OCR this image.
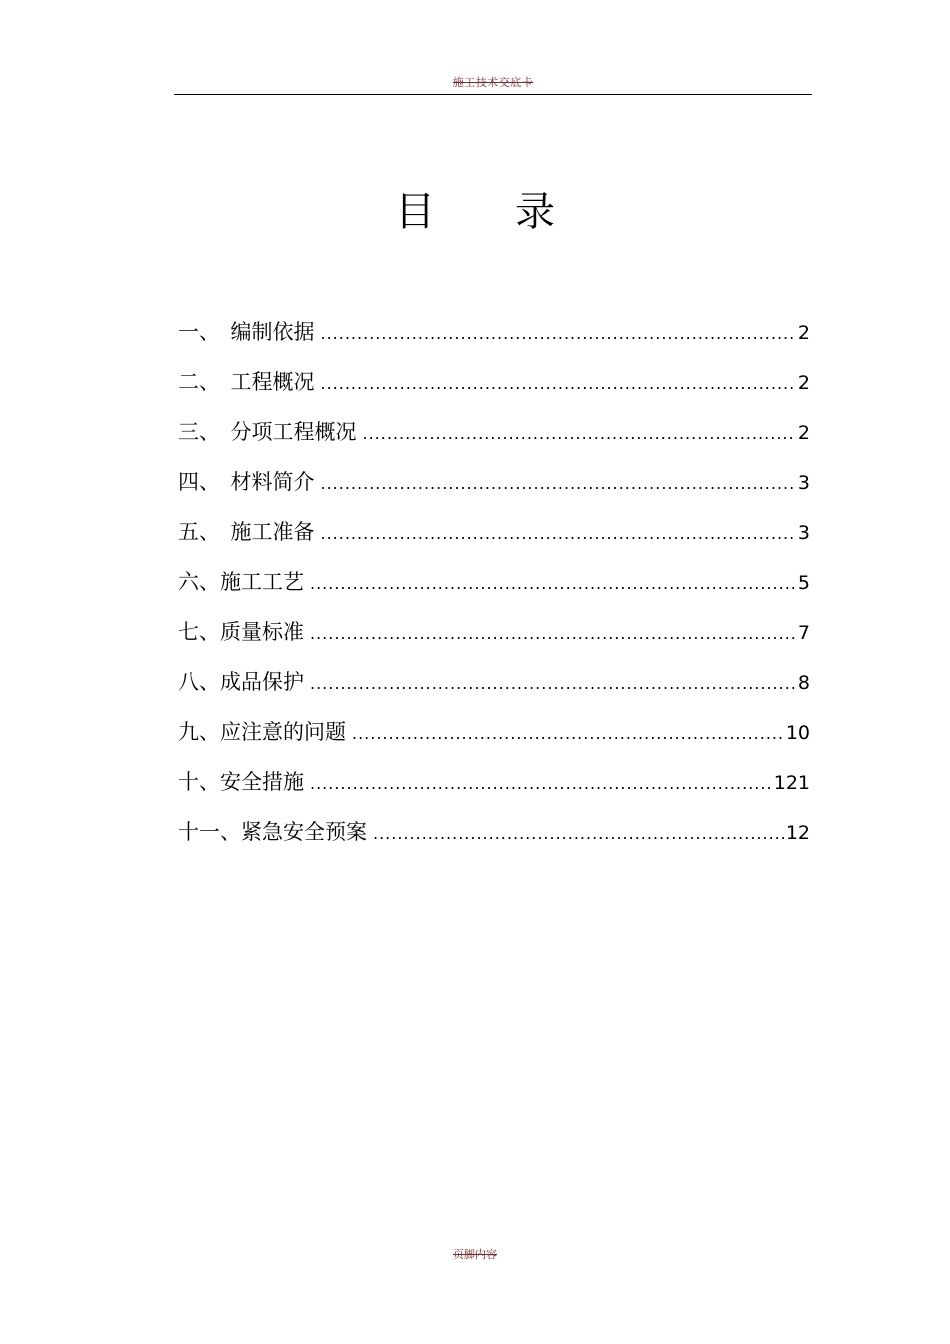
施工技术交底卡
目　　录
一、　 编制依据 .....	2
二、　 工程概况 .....	2
三、　 分项工程概况 .....	2
四、　 材料简介 .....	3
五、　 施工准备 .....	3
六、 施工工艺 .....	5
七、 质量标准 .....	7
八、 成品保护 .....	8
九、 应注意的问题 .....	10
十、 安全措施 .....	121
十一、 紧急安全预案 .....	12
页脚内容
